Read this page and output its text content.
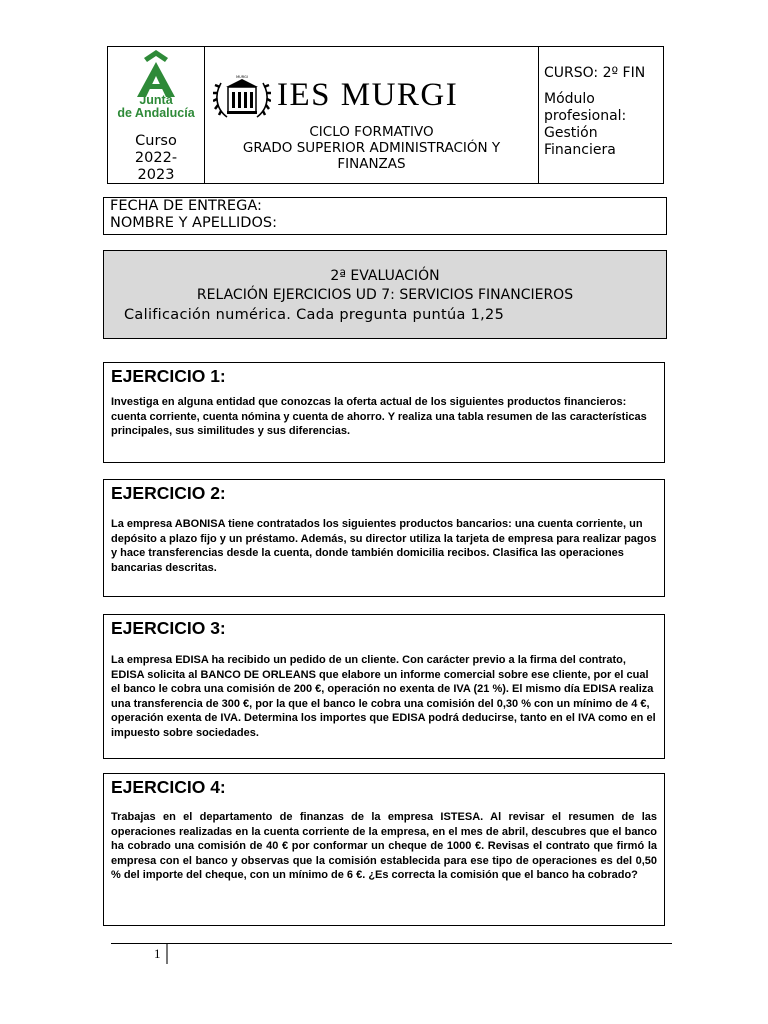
Junta
de Andalucía
Curso
2022-
2023
MURGI IES MURGI
CICLO FORMATIVO
GRADO SUPERIOR ADMINISTRACIÓN Y
FINANZAS
CURSO: 2º FIN
Módulo
profesional:
Gestión
Financiera
FECHA DE ENTREGA:
NOMBRE Y APELLIDOS:
2ª EVALUACIÓN
RELACIÓN EJERCICIOS UD 7: SERVICIOS FINANCIEROS
Calificación numérica. Cada pregunta puntúa 1,25
EJERCICIO 1:

Investiga en alguna entidad que conozcas la oferta actual de los siguientes productos financieros: cuenta corriente, cuenta nómina y cuenta de ahorro. Y realiza una tabla resumen de las características principales, sus similitudes y sus diferencias.

EJERCICIO 2:

La empresa ABONISA tiene contratados los siguientes productos bancarios: una cuenta corriente, un depósito a plazo fijo y un préstamo. Además, su director utiliza la tarjeta de empresa para realizar pagos y hace transferencias desde la cuenta, donde también domicilia recibos. Clasifica las operaciones bancarias descritas.

EJERCICIO 3:

La empresa EDISA ha recibido un pedido de un cliente. Con carácter previo a la firma del contrato, EDISA solicita al BANCO DE ORLEANS que elabore un informe comercial sobre ese cliente, por el cual el banco le cobra una comisión de 200 €, operación no exenta de IVA (21 %). El mismo día EDISA realiza una transferencia de 300 €, por la que el banco le cobra una comisión del 0,30 % con un mínimo de 4 €, operación exenta de IVA. Determina los importes que EDISA podrá deducirse, tanto en el IVA como en el impuesto sobre sociedades.

EJERCICIO 4:

Trabajas en el departamento de finanzas de la empresa ISTESA. Al revisar el resumen de las operaciones realizadas en la cuenta corriente de la empresa, en el mes de abril, descubres que el banco ha cobrado una comisión de 40 € por conformar un cheque de 1000 €. Revisas el contrato que firmó la empresa con el banco y observas que la comisión establecida para ese tipo de operaciones es del 0,50 % del importe del cheque, con un mínimo de 6 €. ¿Es correcta la comisión que el banco ha cobrado?

1
